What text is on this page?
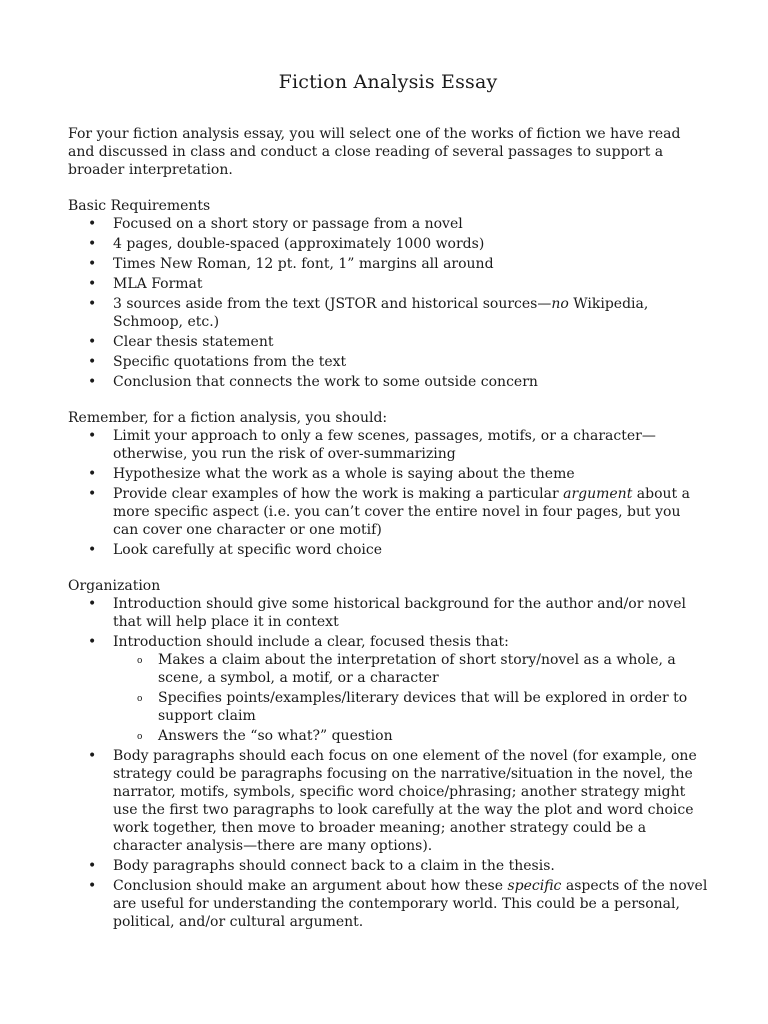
Fiction Analysis Essay

For your fiction analysis essay, you will select one of the works of fiction we have read and discussed in class and conduct a close reading of several passages to support a broader interpretation.

Basic Requirements
• Focused on a short story or passage from a novel
• 4 pages, double-spaced (approximately 1000 words)
• Times New Roman, 12 pt. font, 1” margins all around
• MLA Format
• 3 sources aside from the text (JSTOR and historical sources—no Wikipedia, Schmoop, etc.)
• Clear thesis statement
• Specific quotations from the text
• Conclusion that connects the work to some outside concern
Remember, for a fiction analysis, you should:
• Limit your approach to only a few scenes, passages, motifs, or a character—otherwise, you run the risk of over-summarizing
• Hypothesize what the work as a whole is saying about the theme
• Provide clear examples of how the work is making a particular argument about a more specific aspect (i.e. you can’t cover the entire novel in four pages, but you can cover one character or one motif)
• Look carefully at specific word choice
Organization
• Introduction should give some historical background for the author and/or novel that will help place it in context
• Introduction should include a clear, focused thesis that:
o Makes a claim about the interpretation of short story/novel as a whole, a scene, a symbol, a motif, or a character
o Specifies points/examples/literary devices that will be explored in order to support claim
o Answers the “so what?” question
• Body paragraphs should each focus on one element of the novel (for example, one strategy could be paragraphs focusing on the narrative/situation in the novel, the narrator, motifs, symbols, specific word choice/phrasing; another strategy might use the first two paragraphs to look carefully at the way the plot and word choice work together, then move to broader meaning; another strategy could be a character analysis—there are many options).
• Body paragraphs should connect back to a claim in the thesis.
• Conclusion should make an argument about how these specific aspects of the novel are useful for understanding the contemporary world. This could be a personal, political, and/or cultural argument.
